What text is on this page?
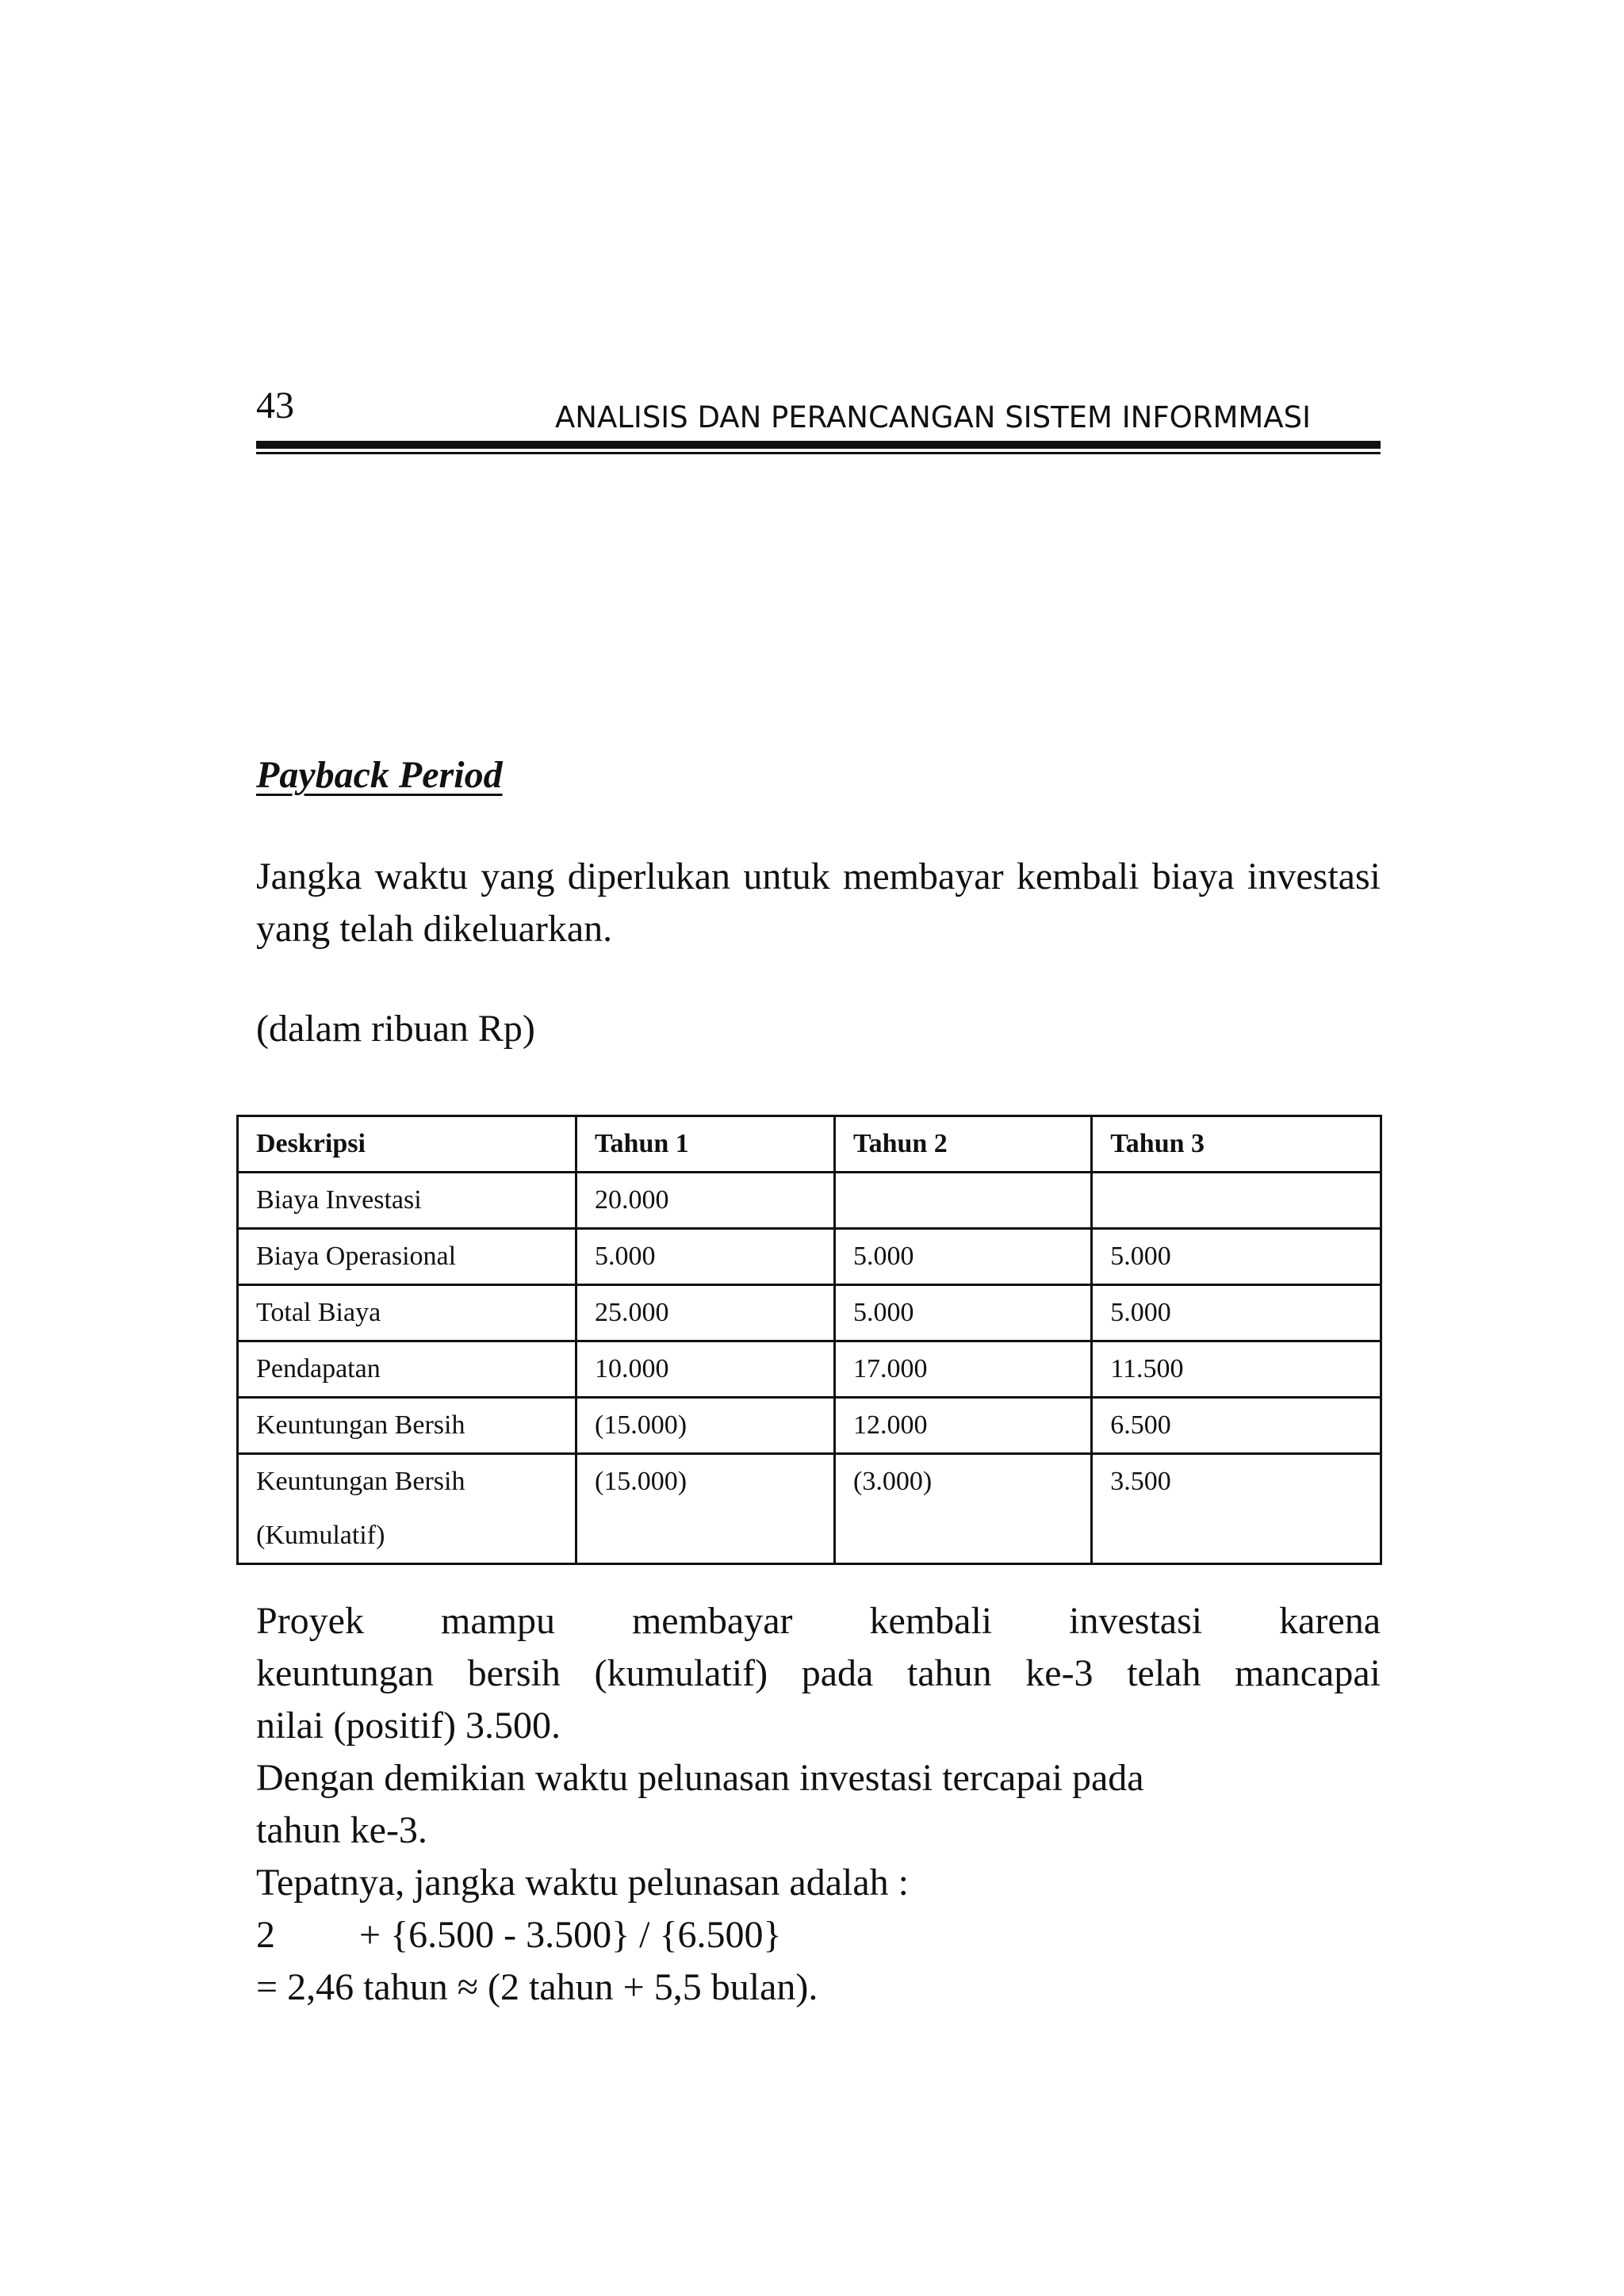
43	ANALISIS DAN PERANCANGAN SISTEM INFORMMASI
Payback Period
Jangka waktu yang diperlukan untuk membayar kembali biaya investasi yang telah dikeluarkan.
(dalam ribuan Rp)
Deskripsi	Tahun 1	Tahun 2	Tahun 3
Biaya Investasi	20.000		
Biaya Operasional	5.000	5.000	5.000
Total Biaya	25.000	5.000	5.000
Pendapatan	10.000	17.000	11.500
Keuntungan Bersih	(15.000)	12.000	6.500

Keuntungan Bersih
(Kumulatif)	(15.000)	(3.000)	3.500
Proyek mampu membayar kembali investasi karena
keuntungan bersih (kumulatif) pada tahun ke-3 telah mancapai
nilai (positif) 3.500.
Dengan demikian waktu pelunasan investasi tercapai pada
tahun ke-3.
Tepatnya, jangka waktu pelunasan adalah :
2 + {6.500 - 3.500} / {6.500}
= 2,46 tahun ≈ (2 tahun + 5,5 bulan).
